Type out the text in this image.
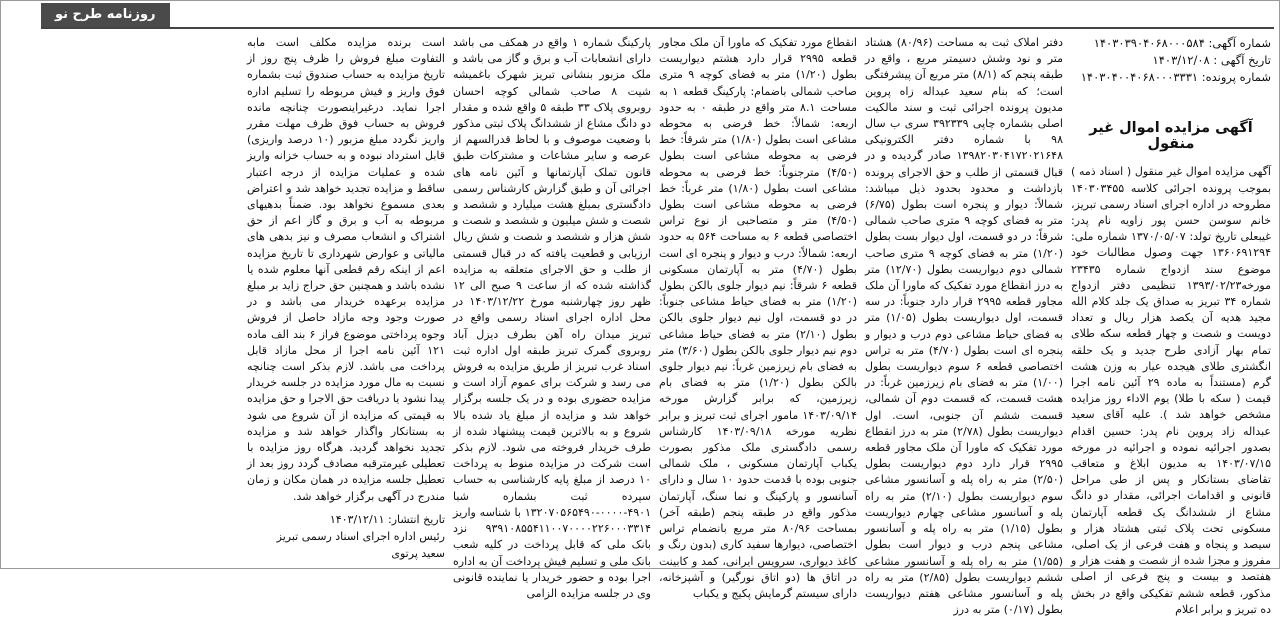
روزنامه طرح نو
شماره آگهی: ۱۴۰۳۰۳۹۰۴۰۶۸۰۰۰۵۸۴
تاریخ آگهی : ۱۴۰۳/۱۲/۰۸
شماره پرونده: ۱۴۰۳۰۴۰۰۴۰۶۸۰۰۰۳۳۳۱
آگهی مزایده اموال غیر منقول

آگهی مزایده اموال غیر منقول ( اسناد ذمه ) بموجب پرونده اجرائی کلاسه ۱۴۰۳۰۳۴۵۵ مطروحه در اداره اجرای اسناد رسمی تبریز، خانم سوسن حسن پور زاویه نام پدر: غیبعلی تاریخ تولد: ۱۳۷۰/۰۵/۰۷ شماره ملی: ۱۳۶۰۶۹۱۲۹۴ جهت وصول مطالبات خود موضوع سند ازدواج شماره ۲۳۴۳۵ مورخه۱۳۹۳/۰۲/۲۳ تنظیمی دفتر ازدواج شماره ۳۴ تبریز به صداق یک جلد کلام الله مجید هدیه آن یکصد هزار ریال و تعداد دویست و شصت و چهار قطعه سکه طلای تمام بهار آزادی طرح جدید و یک حلقه انگشتری طلای هیجده عیار به وزن هشت گرم (مستنداً به ماده ۲۹ آئین نامه اجرا قیمت ( سکه با طلا) یوم الاداء روز مزایده مشخص خواهد شد ). علیه آقای سعید عبداله زاد پروین نام پدر: حسین اقدام بصدور اجرائیه نموده و اجرائیه در مورخه ۱۴۰۳/۰۷/۱۵ به مدیون ابلاغ و متعاقب تقاضای بستانکار و پس از طی مراحل قانونی و اقدامات اجرائی، مقدار دو دانگ مشاع از ششدانگ یک قطعه آپارتمان مسکونی تحت پلاک ثبتی هشتاد هزار و سیصد و پنجاه و هفت فرعی از یک اصلی، مفروز و مجزا شده از شصت و هفت هزار و هفتصد و بیست و پنج فرعی از اصلی مذکور، قطعه ششم تفکیکی واقع در بخش ده تبریز و برابر اعلام

دفتر املاک ثبت به مساحت (۸۰/۹۶) هشتاد متر و نود وشش دسیمتر مربع ، واقع در طبقه پنجم که (۸/۱) متر مربع آن پیشرفتگی است؛ که بنام سعید عبداله زاه پروین مدیون پرونده اجرائی ثبت و سند مالکیت اصلی بشماره چاپی ۳۹۲۳۳۹ سری ب سال ۹۸ با شماره دفتر الکترونیکی ۱۳۹۸۲۰۳۰۴۱۷۲۰۲۱۶۴۸ صادر گردیده و در قبال قسمتی از طلب و حق الاجرای پرونده بازداشت و محدود بحدود ذیل میباشد: شمالاً: دیوار و پنجره است بطول (۶/۷۵) متر به فضای کوچه ۹ متری صاحب شمالی شرقاً: در دو قسمت، اول دیوار بست بطول (۱/۲۰) متر به فضای کوچه ۹ متری صاحب شمالی دوم دیواریست بطول (۱۲/۷۰) متر به درز انقطاع مورد تفکیک که ماورا آن ملک مجاور قطعه ۲۹۹۵ قرار دارد جنوباً: در سه قسمت، اول دیواریست بطول (۱/۰۵) متر به فضای حیاط مشاعی دوم درب و دیوار و پنجره ای است بطول (۴/۷۰) متر به تراس اختصاصی قطعه ۶ سوم دیواریست بطول (۱/۰۰) متر به فضای بام زیرزمین غرباً: در هشت قسمت، که قسمت دوم آن شمالی، قسمت ششم آن جنوبی، است. اول دیواریست بطول (۲/۷۸) متر به درز انقطاع مورد تفکیک که ماورا آن ملک مجاور قطعه ۲۹۹۵ قرار دارد دوم دیواریست بطول (۲/۵۰) متر به راه پله و آسانسور مشاعی سوم دیواریست بطول (۲/۱۰) متر به راه پله و آسانسور مشاعی چهارم دیواریست بطول (۱/۱۵) متر به راه پله و آسانسور مشاعی پنجم درب و دیوار است بطول (۱/۵۵) متر به راه پله و آسانسور مشاعی ششم دیواریست بطول (۲/۸۵) متر به راه پله و آسانسور مشاعی هفتم دیواریست بطول (۰/۱۷) متر به درز

انقطاع مورد تفکیک که ماورا آن ملک مجاور قطعه ۲۹۹۵ قرار دارد هشتم دیواریست بطول (۱/۲۰) متر به فضای کوچه ۹ متری صاحب شمالی باضمام: پارکینگ قطعه ۱ به مساحت ۸.۱ متر واقع در طبقه ۰ به حدود اربعه: شمالاً: خط فرضی به محوطه مشاعی است بطول (۱/۸۰) متر شرقاً: خط فرضی به محوطه مشاعی است بطول (۴/۵۰) مترجنوباً: خط فرضی به محوطه مشاعی است بطول (۱/۸۰) متر غرباً: خط فرضی به محوطه مشاعی است بطول (۴/۵۰) متر و متصاحبی از نوع تراس اختصاصی قطعه ۶ به مساحت ۵۶۴ به حدود اربعه: شمالاً: درب و دیوار و پنجره ای است بطول (۴/۷۰) متر به آپارتمان مسکونی قطعه ۶ شرقاً: نیم دیوار جلوی بالکن بطول (۱/۲۰) متر به فضای حیاط مشاعی جنوباً: در دو قسمت، اول نیم دیوار جلوی بالکن بطول (۲/۱۰) متر به فضای حیاط مشاعی دوم نیم دیوار جلوی بالکن بطول (۳/۶۰) متر به فضای بام زیرزمین غرباً: نیم دیوار جلوی بالکن بطول (۱/۲۰) متر به فضای بام زیرزمین، که برابر گزارش مورخه ۱۴۰۳/۰۹/۱۴ مامور اجرای ثبت تبریز و برابر نظریه مورخه ۱۴۰۳/۰۹/۱۸ کارشناس رسمی دادگستری ملک مذکور بصورت یکباب آپارتمان مسکونی ، ملک شمالی جنوبی بوده با قدمت حدود ۱۰ سال و دارای آسانسور و پارکینگ و نما سنگ، آپارتمان مذکور واقع در طبقه پنجم (طبقه آخر) بمساحت ۸۰/۹۶ متر مربع بانضمام تراس اختصاصی، دیوارها سفید کاری (بدون رنگ و کاغذ دیواری، سرویس ایرانی، کمد و کابینت در اتاق ها (دو اتاق نورگیر) و آشپزخانه، دارای سیستم گرمایش پکیج و یکباب

پارکینگ شماره ۱ واقع در همکف می باشد دارای انشعابات آب و برق و گاز می باشد و ملک مزبور بنشانی تبریز شهرک باغمیشه شیت ۸ صاحب شمالی کوچه احسان روبروی پلاک ۳۳ طبقه ۵ واقع شده و مقدار دو دانگ مشاع از ششدانگ پلاک ثبتی مذکور با وضعیت موصوف و با لحاظ قدرالسهم از عرصه و سایر مشاعات و مشترکات طبق قانون تملک آپارتمانها و آئین نامه های اجرائی آن و طبق گزارش کارشناس رسمی دادگستری بمبلغ هشت میلیارد و ششصد و شصت و شش میلیون و ششصد و شصت و شش هزار و ششصد و شصت و شش ریال ارزیابی و قطعیت یافته که در قبال قسمتی از طلب و حق الاجرای متعلقه به مزایده گذاشته شده که از ساعت ۹ صبح الی ۱۲ ظهر روز چهارشنبه مورخ ۱۴۰۳/۱۲/۲۲ در محل اداره اجرای اسناد رسمی واقع در تبریز میدان راه آهن بطرف دیزل آباد روبروی گمرک تبریز طبقه اول اداره ثبت اسناد غرب تبریز از طریق مزایده به فروش می رسد و شرکت برای عموم آزاد است و مزایده حضوری بوده و در یک جلسه برگزار خواهد شد و مزایده از مبلغ یاد شده بالا شروع و به بالاترین قیمت پیشنهاد شده از طرف خریدار فروخته می شود. لازم بذکر است شرکت در مزایده منوط به پرداخت ۱۰ درصد از مبلغ پایه کارشناسی به حساب سپرده ثبت بشماره شبا ۴۹۰۱-۰۰۰۰-۱۳۲۰۷۰۵۶۵۴۹۰ با شناسه واریز ۹۳۹۱۰۸۵۵۴۱۱۰۰۷۰۰۰۰۲۲۶۰۰۰۳۳۱۴ نزد بانک ملی که قابل پرداخت در کلیه شعب بانک ملی و تسلیم فیش پرداخت آن به اداره اجرا بوده و حضور خریدار یا نماینده قانونی وی در جلسه مزایده الزامی

است برنده مزایده مکلف است مابه التفاوت مبلغ فروش را ظرف پنج روز از تاریخ مزایده به حساب صندوق ثبت بشماره فوق واریز و فیش مربوطه را تسلیم اداره اجرا نماید. درغیراینصورت چنانچه مانده فروش به حساب فوق ظرف مهلت مقرر واریز نگردد مبلغ مزبور (۱۰ درصد واریزی) قابل استرداد نبوده و به حساب خزانه واریز شده و عملیات مزایده از درجه اعتبار ساقط و مزایده تجدید خواهد شد و اعتراض بعدی مسموع نخواهد بود. ضمناً بدهیهای مربوطه به آب و برق و گاز اعم از حق اشتراک و انشعاب مصرف و نیز بدهی های مالیاتی و عوارض شهرداری تا تاریخ مزایده اعم از اینکه رقم قطعی آنها معلوم شده یا نشده باشد و همچنین حق حراج زاید بر مبلغ مزایده برعهده خریدار می باشد و در صورت وجود وجه مازاد حاصل از فروش وجوه پرداختی موضوع فراز ۶ بند الف ماده ۱۲۱ آئین نامه اجرا از محل مازاد قابل پرداخت می باشد. لازم بذکر است چنانچه نسبت به مال مورد مزایده در جلسه خریدار پیدا نشود یا دریافت حق الاجرا و حق مزایده به قیمتی که مزایده از آن شروع می شود به بستانکار واگذار خواهد شد و مزایده تجدید نخواهد گردید. هرگاه روز مزایده با تعطیلی غیرمترقبه مصادف گردد روز بعد از تعطیل جلسه مزایده در همان مکان و زمان مندرج در آگهی برگزار خواهد شد.

تاریخ انتشار: ۱۴۰۳/۱۲/۱۱
رئیس اداره اجرای اسناد رسمی تبریز
سعید پرتوی
